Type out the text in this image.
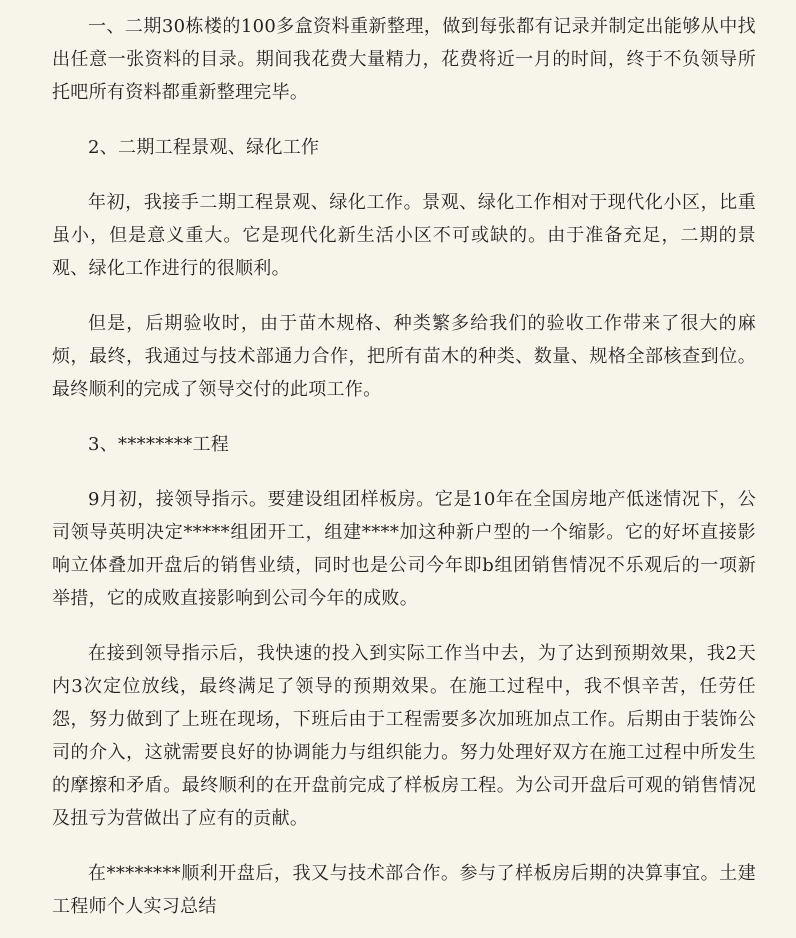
一、二期30栋楼的100多盒资料重新整理，做到每张都有记录并制定出能够从中找出任意一张资料的目录。期间我花费大量精力，花费将近一月的时间，终于不负领导所托吧所有资料都重新整理完毕。

2、二期工程景观、绿化工作

年初，我接手二期工程景观、绿化工作。景观、绿化工作相对于现代化小区，比重虽小，但是意义重大。它是现代化新生活小区不可或缺的。由于准备充足，二期的景观、绿化工作进行的很顺利。

但是，后期验收时，由于苗木规格、种类繁多给我们的验收工作带来了很大的麻烦，最终，我通过与技术部通力合作，把所有苗木的种类、数量、规格全部核查到位。最终顺利的完成了领导交付的此项工作。

3、********工程

9月初，接领导指示。要建设组团样板房。它是10年在全国房地产低迷情况下，公司领导英明决定*****组团开工，组建****加这种新户型的一个缩影。它的好坏直接影响立体叠加开盘后的销售业绩，同时也是公司今年即b组团销售情况不乐观后的一项新举措，它的成败直接影响到公司今年的成败。

在接到领导指示后，我快速的投入到实际工作当中去，为了达到预期效果，我2天内3次定位放线，最终满足了领导的预期效果。在施工过程中，我不惧辛苦，任劳任怨，努力做到了上班在现场，下班后由于工程需要多次加班加点工作。后期由于装饰公司的介入，这就需要良好的协调能力与组织能力。努力处理好双方在施工过程中所发生的摩擦和矛盾。最终顺利的在开盘前完成了样板房工程。为公司开盘后可观的销售情况及扭亏为营做出了应有的贡献。

在********顺利开盘后，我又与技术部合作。参与了样板房后期的决算事宜。土建工程师个人实习总结
